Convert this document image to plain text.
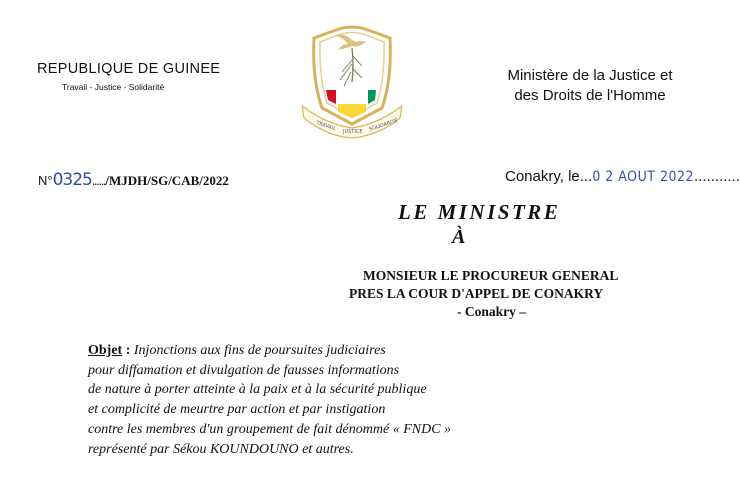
REPUBLIQUE DE GUINEE
Travail - Justice - Solidarité
TRAVAIL JUSTICE SOLIDARITÉ
Ministère de la Justice et
des Droits de l'Homme
N°0325....../MJDH/SG/CAB/2022	Conakry, le...0 2 AOUT 2022...........
LE MINISTRE
À
MONSIEUR LE PROCUREUR GENERAL
PRES LA COUR D'APPEL DE CONAKRY
- Conakry –
Objet : Injonctions aux fins de poursuites judiciaires
pour diffamation et divulgation de fausses informations
de nature à porter atteinte à la paix et à la sécurité publique
et complicité de meurtre par action et par instigation
contre les membres d'un groupement de fait dénommé « FNDC »
représenté par Sékou KOUNDOUNO et autres.
